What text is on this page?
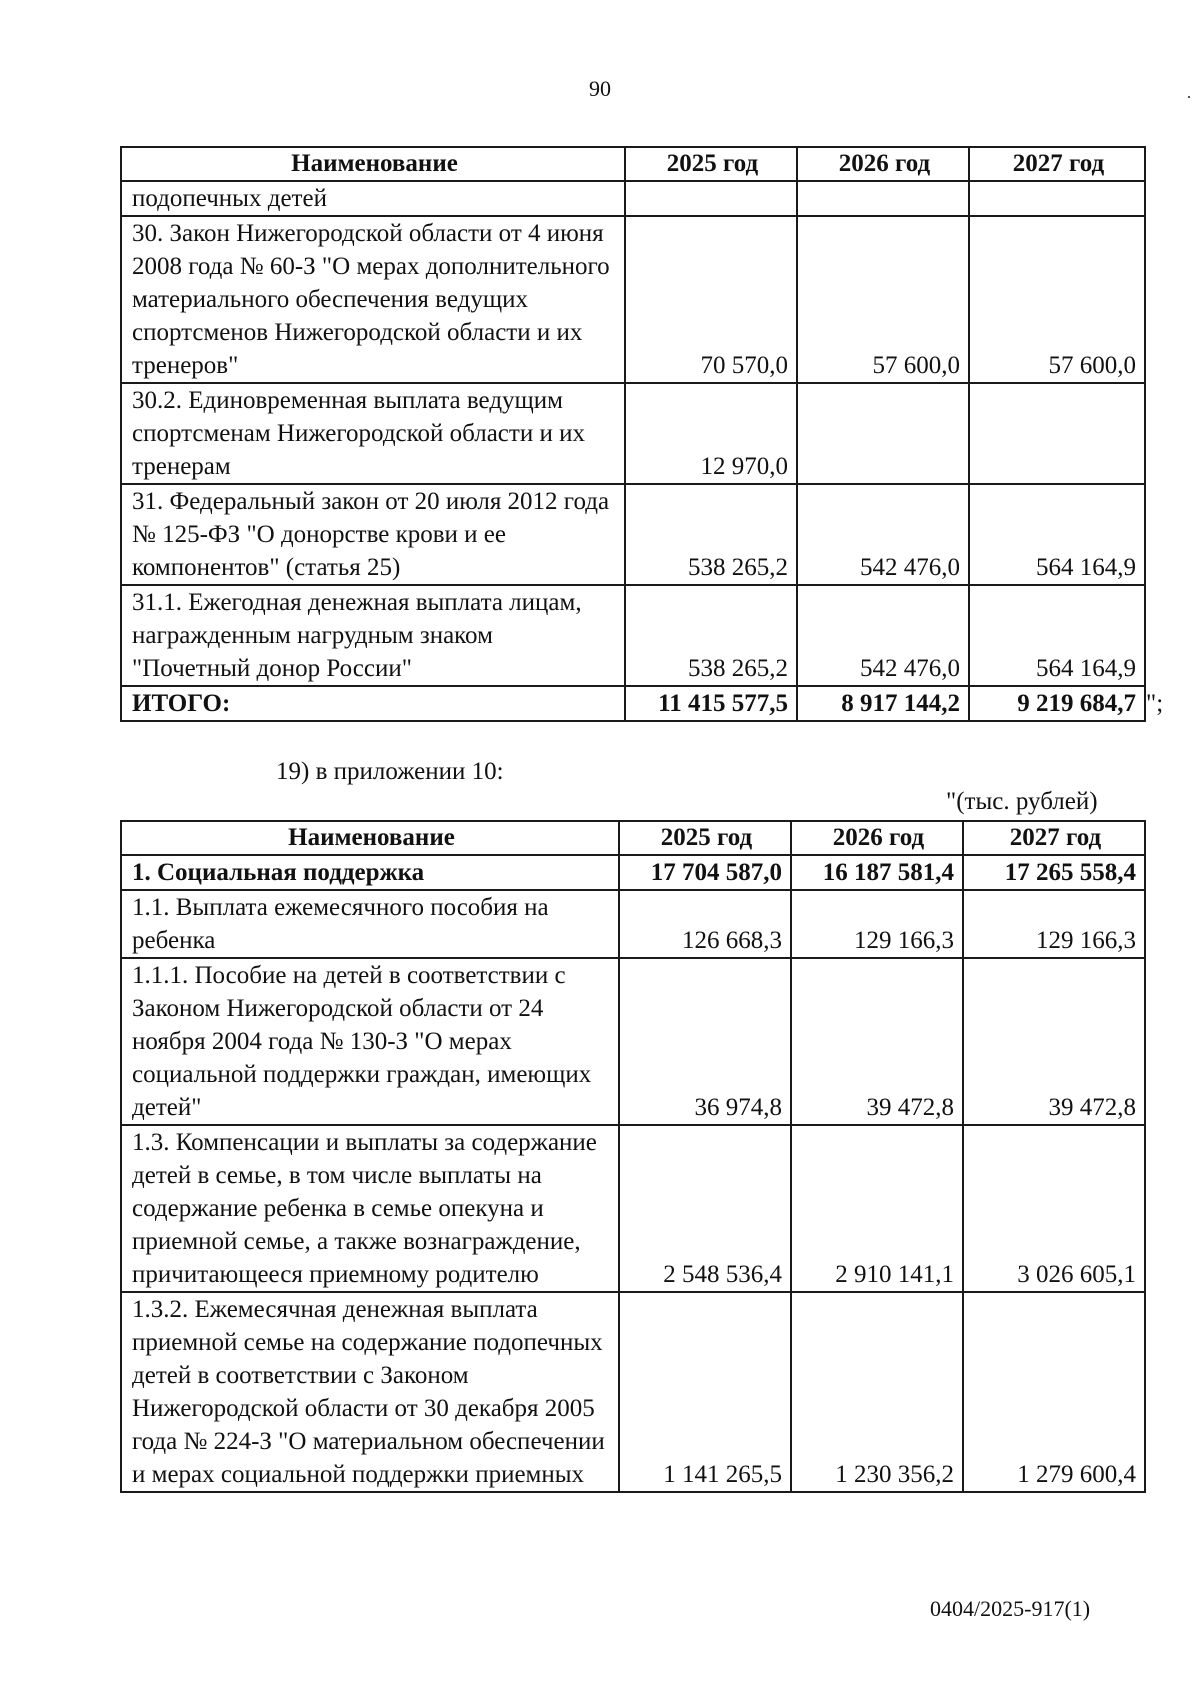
90
Наименование	2025 год	2026 год	2027 год
подопечных детей			
30. Закон Нижегородской области от 4 июня 2008 года № 60-З "О мерах дополнительного материального обеспечения ведущих спортсменов Нижегородской области и их тренеров"	70 570,0	57 600,0	57 600,0
30.2. Единовременная выплата ведущим спортсменам Нижегородской области и их тренерам	12 970,0		
31. Федеральный закон от 20 июля 2012 года № 125-ФЗ "О донорстве крови и ее компонентов" (статья 25)	538 265,2	542 476,0	564 164,9
31.1. Ежегодная денежная выплата лицам, награжденным нагрудным знаком "Почетный донор России"	538 265,2	542 476,0	564 164,9
ИТОГО:	11 415 577,5	8 917 144,2	9 219 684,7 ";
19) в приложении 10:
"(тыс. рублей)
Наименование	2025 год	2026 год	2027 год
1. Социальная поддержка	17 704 587,0	16 187 581,4	17 265 558,4
1.1. Выплата ежемесячного пособия на ребенка	126 668,3	129 166,3	129 166,3
1.1.1. Пособие на детей в соответствии с Законом Нижегородской области от 24 ноября 2004 года № 130-З "О мерах социальной поддержки граждан, имеющих детей"	36 974,8	39 472,8	39 472,8
1.3. Компенсации и выплаты за содержание детей в семье, в том числе выплаты на содержание ребенка в семье опекуна и приемной семье, а также вознаграждение, причитающееся приемному родителю	2 548 536,4	2 910 141,1	3 026 605,1
1.3.2. Ежемесячная денежная выплата приемной семье на содержание подопечных детей в соответствии с Законом Нижегородской области от 30 декабря 2005 года № 224-З "О материальном обеспечении и мерах социальной поддержки приемных	1 141 265,5	1 230 356,2	1 279 600,4
0404/2025-917(1)
